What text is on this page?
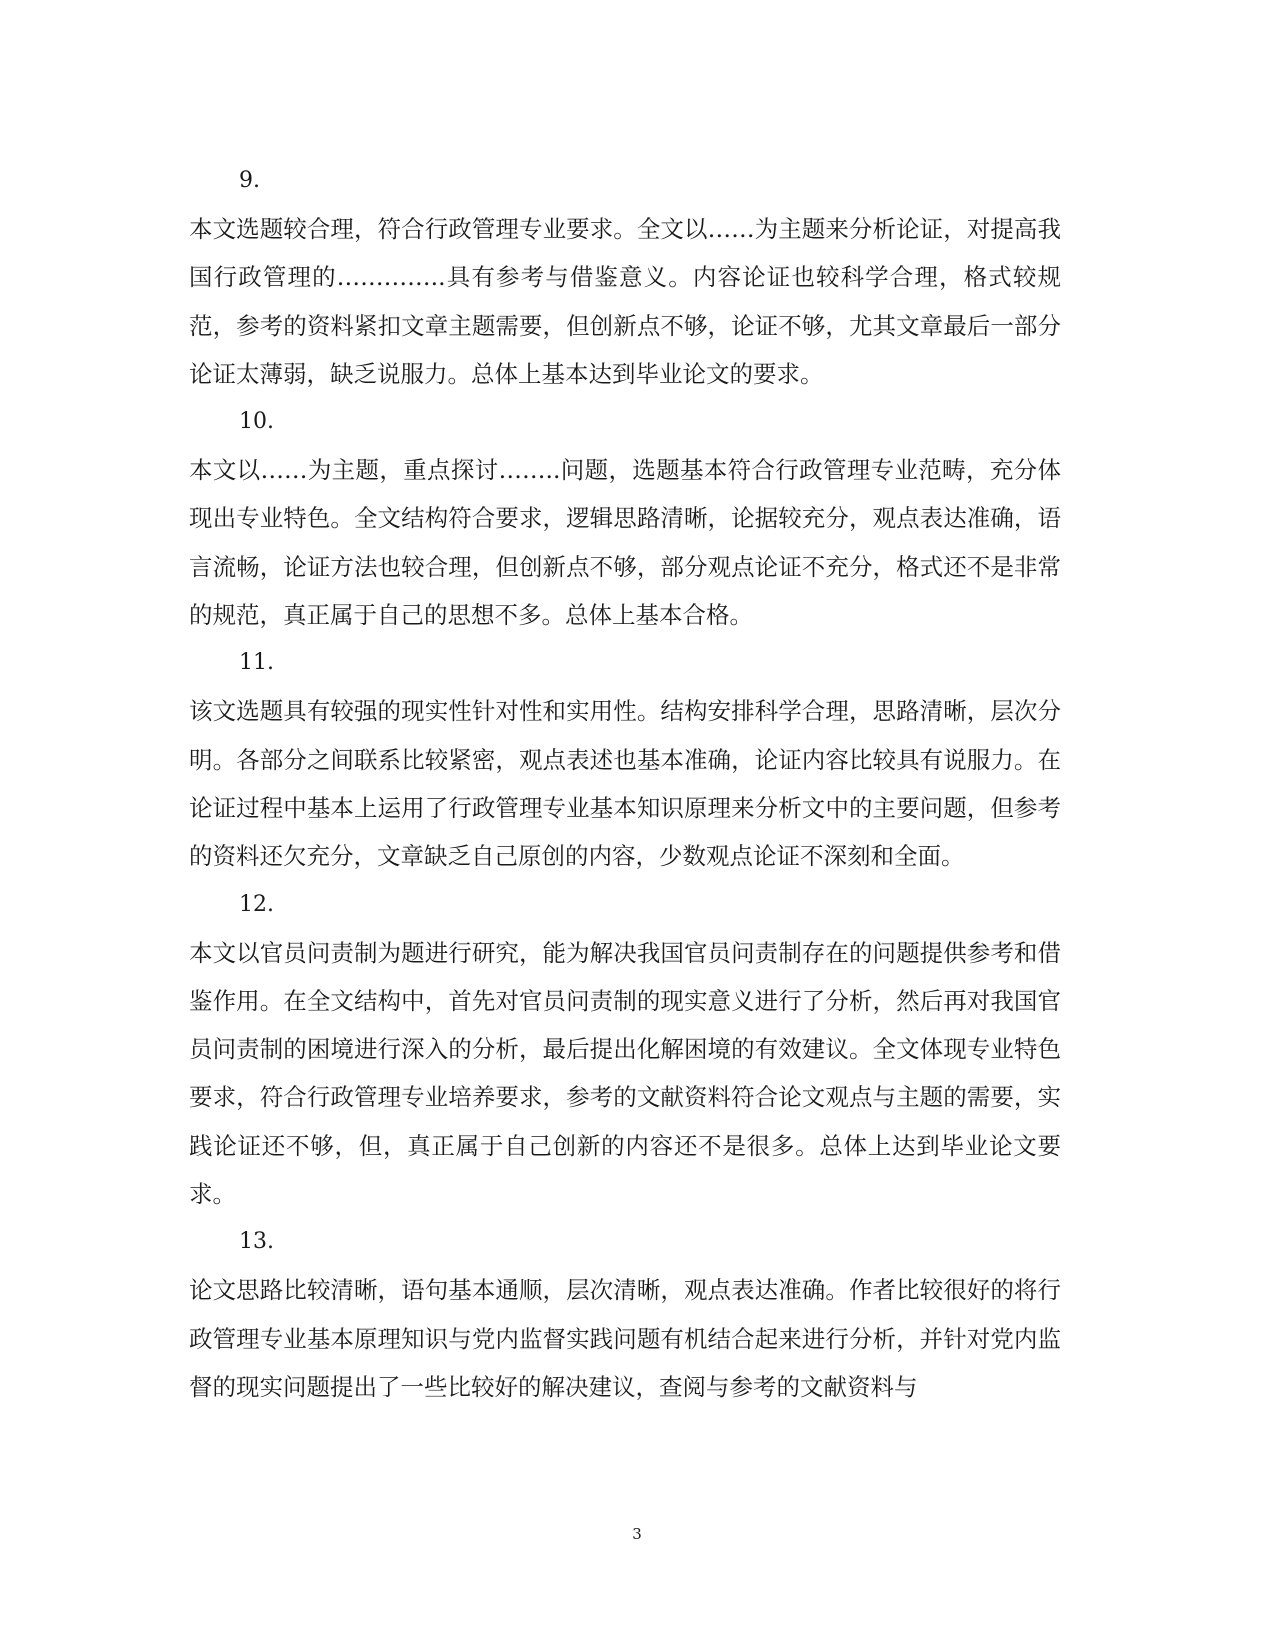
9.
本文选题较合理，符合行政管理专业要求。全文以……为主题来分析论证，对提高我国行政管理的…………..具有参考与借鉴意义。内容论证也较科学合理，格式较规范，参考的资料紧扣文章主题需要，但创新点不够，论证不够，尤其文章最后一部分论证太薄弱，缺乏说服力。总体上基本达到毕业论文的要求。
10.
本文以……为主题，重点探讨……..问题，选题基本符合行政管理专业范畴，充分体现出专业特色。全文结构符合要求，逻辑思路清晰，论据较充分，观点表达准确，语言流畅，论证方法也较合理，但创新点不够，部分观点论证不充分，格式还不是非常的规范，真正属于自己的思想不多。总体上基本合格。
11.
该文选题具有较强的现实性针对性和实用性。结构安排科学合理，思路清晰，层次分明。各部分之间联系比较紧密，观点表述也基本准确，论证内容比较具有说服力。在论证过程中基本上运用了行政管理专业基本知识原理来分析文中的主要问题，但参考的资料还欠充分，文章缺乏自己原创的内容，少数观点论证不深刻和全面。
12.
本文以官员问责制为题进行研究，能为解决我国官员问责制存在的问题提供参考和借鉴作用。在全文结构中，首先对官员问责制的现实意义进行了分析，然后再对我国官员问责制的困境进行深入的分析，最后提出化解困境的有效建议。全文体现专业特色要求，符合行政管理专业培养要求，参考的文献资料符合论文观点与主题的需要，实践论证还不够，但，真正属于自己创新的内容还不是很多。总体上达到毕业论文要求。
13.
论文思路比较清晰，语句基本通顺，层次清晰，观点表达准确。作者比较很好的将行政管理专业基本原理知识与党内监督实践问题有机结合起来进行分析，并针对党内监督的现实问题提出了一些比较好的解决建议，查阅与参考的文献资料与
3
